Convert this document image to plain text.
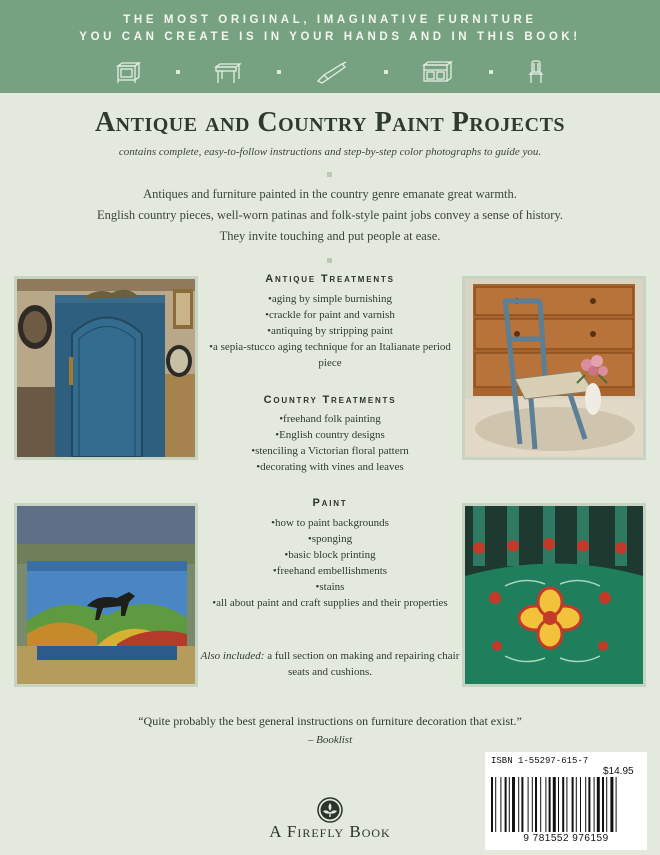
THE MOST ORIGINAL, IMAGINATIVE FURNITURE
YOU CAN CREATE IS IN YOUR HANDS AND IN THIS BOOK!
Antique and Country Paint Projects

contains complete, easy-to-follow instructions and step-by-step color photographs to guide you.

Antiques and furniture painted in the country genre emanate great warmth.
English country pieces, well-worn patinas and folk-style paint jobs convey a sense of history.
They invite touching and put people at ease.
Antique Treatments
• aging by simple burnishing
• crackle for paint and varnish
• antiquing by stripping paint
• a sepia-stucco aging technique for an Italianate period piece
Country Treatments
• freehand folk painting
• English country designs
• stenciling a Victorian floral pattern
• decorating with vines and leaves
Paint
• how to paint backgrounds
• sponging
• basic block printing
• freehand embellishments
• stains
• all about paint and craft supplies and their properties
Also included: a full section on making and repairing chair seats and cushions.
“Quite probably the best general instructions on furniture decoration that exist.”
– Booklist
A Firefly Book
ISBN 1-55297-615-7
$14.95
9 781552 976159
